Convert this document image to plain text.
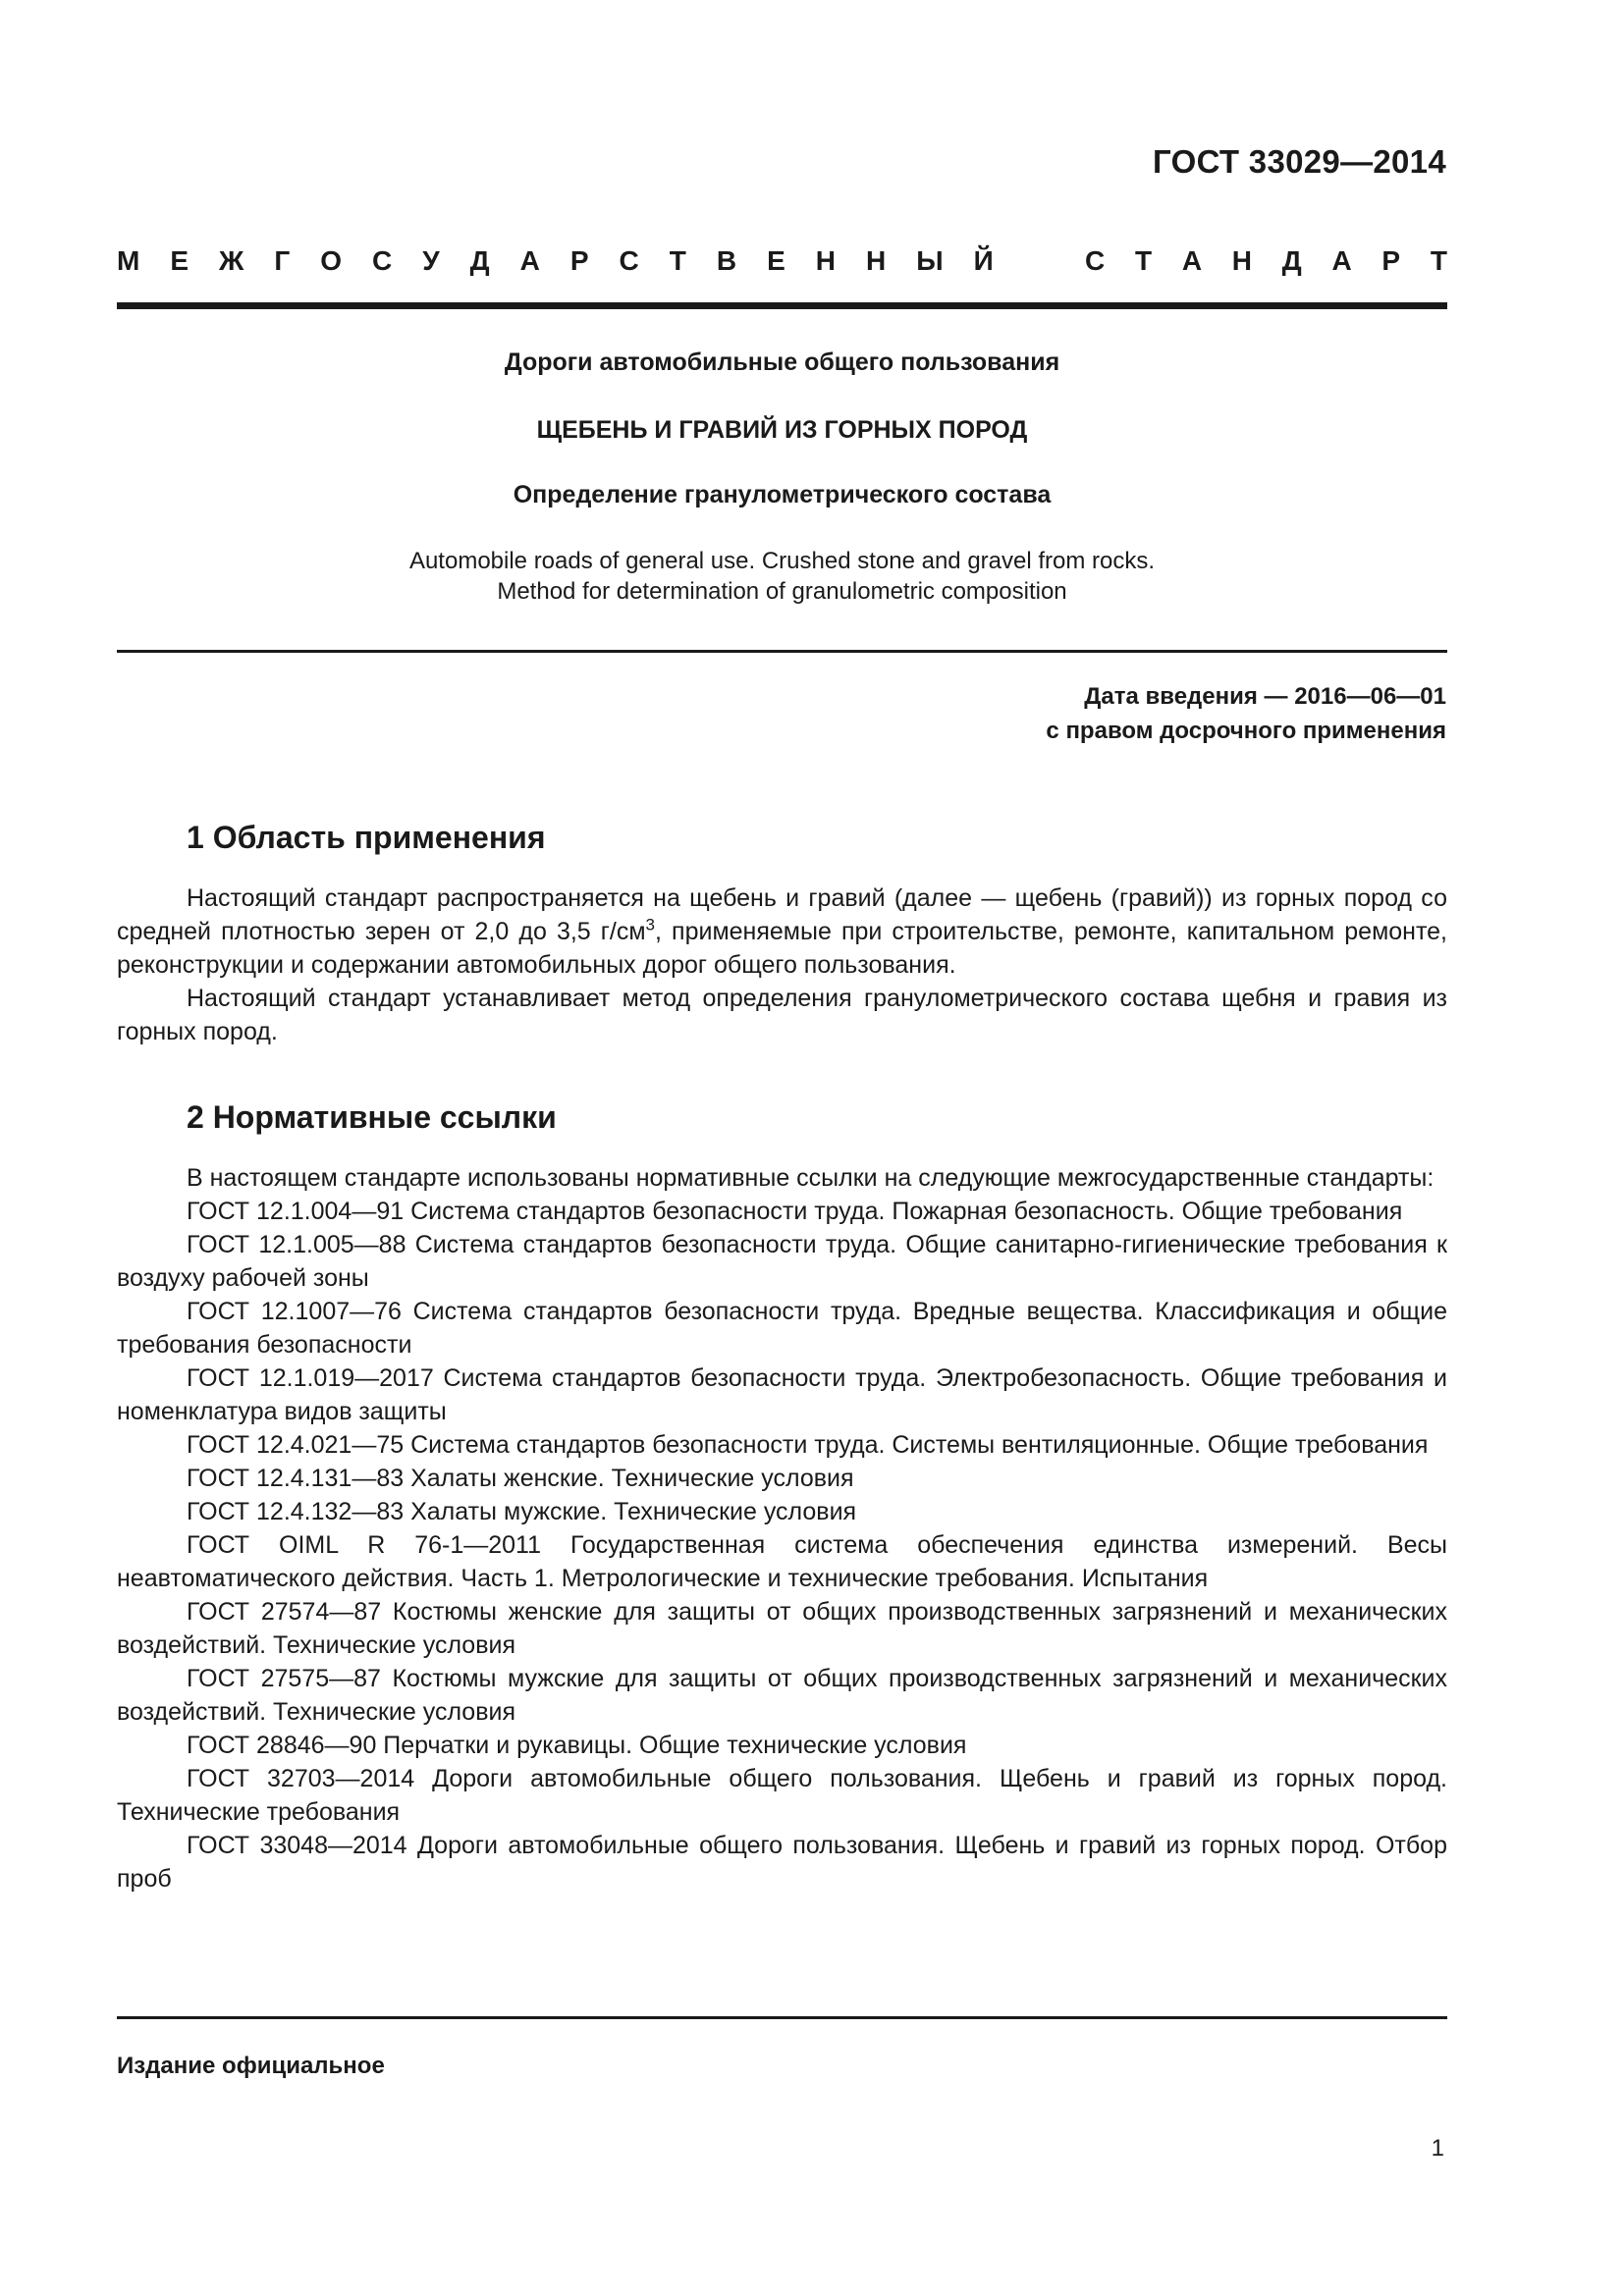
ГОСТ 33029—2014
М Е Ж Г О С У Д А Р С Т В Е Н Н Ы Й	С Т А Н Д А Р Т
Дороги автомобильные общего пользования
ЩЕБЕНЬ И ГРАВИЙ ИЗ ГОРНЫХ ПОРОД
Определение гранулометрического состава
Automobile roads of general use. Crushed stone and gravel from rocks.
Method for determination of granulometric composition
Дата введения — 2016—06—01
с правом досрочного применения
1 Область применения

Настоящий стандарт распространяется на щебень и гравий (далее — щебень (гравий)) из горных пород со средней плотностью зерен от 2,0 до 3,5 $г/см^3$, применяемые при строительстве, ремонте, капитальном ремонте, реконструкции и содержании автомобильных дорог общего пользования.

Настоящий стандарт устанавливает метод определения гранулометрического состава щебня и гравия из горных пород.

2 Нормативные ссылки

В настоящем стандарте использованы нормативные ссылки на следующие межгосударственные стандарты:

ГОСТ 12.1.004—91 Система стандартов безопасности труда. Пожарная безопасность. Общие требования

ГОСТ 12.1.005—88 Система стандартов безопасности труда. Общие санитарно-гигиенические требования к воздуху рабочей зоны

ГОСТ 12.1007—76 Система стандартов безопасности труда. Вредные вещества. Классификация и общие требования безопасности

ГОСТ 12.1.019—2017 Система стандартов безопасности труда. Электробезопасность. Общие требования и номенклатура видов защиты

ГОСТ 12.4.021—75 Система стандартов безопасности труда. Системы вентиляционные. Общие требования

ГОСТ 12.4.131—83 Халаты женские. Технические условия

ГОСТ 12.4.132—83 Халаты мужские. Технические условия

ГОСТ OIML R 76-1—2011 Государственная система обеспечения единства измерений. Весы неавтоматического действия. Часть 1. Метрологические и технические требования. Испытания

ГОСТ 27574—87 Костюмы женские для защиты от общих производственных загрязнений и механических воздействий. Технические условия

ГОСТ 27575—87 Костюмы мужские для защиты от общих производственных загрязнений и механических воздействий. Технические условия

ГОСТ 28846—90 Перчатки и рукавицы. Общие технические условия

ГОСТ 32703—2014 Дороги автомобильные общего пользования. Щебень и гравий из горных пород. Технические требования

ГОСТ 33048—2014 Дороги автомобильные общего пользования. Щебень и гравий из горных пород. Отбор проб

Издание официальное
1
